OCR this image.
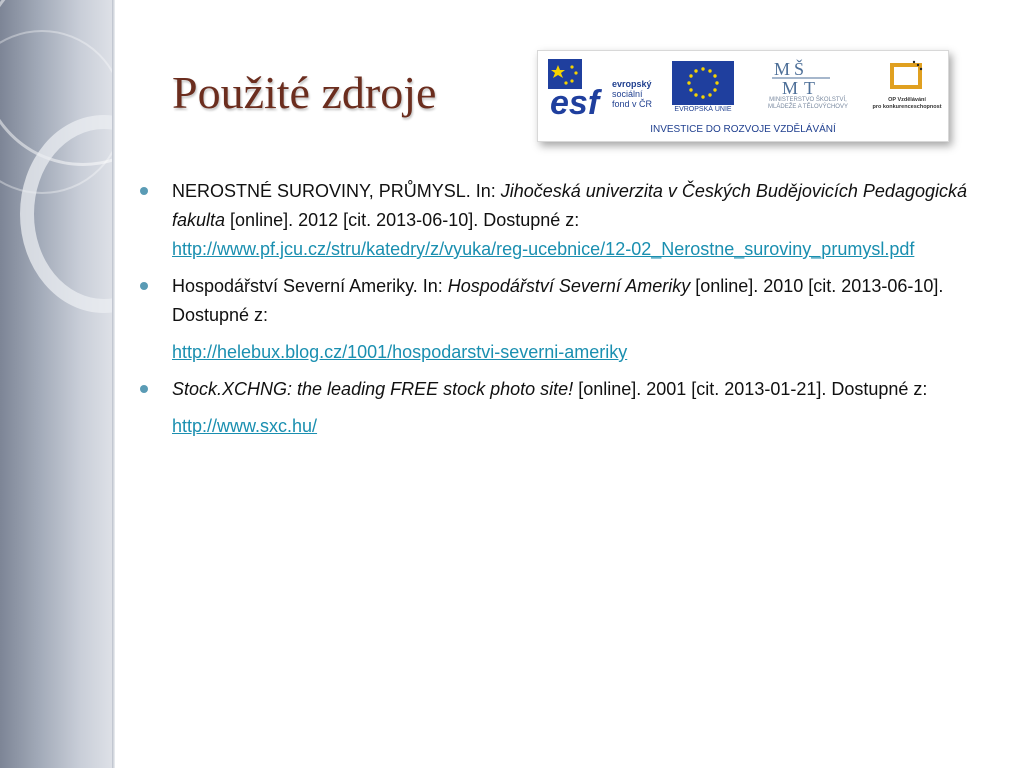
Použité zdroje	esf	evropský
sociální
fond v ČR
EVROPSKÁ UNIE
M Š
M T
MINISTERSTVO ŠKOLSTVÍ,
MLÁDEŽE A TĚLOVÝCHOVY
OP Vzdělávání
pro konkurenceschopnost
INVESTICE DO ROZVOJE VZDĚLÁVÁNÍ
NEROSTNÉ SUROVINY, PRŮMYSL. In: Jihočeská univerzita v Českých Budějovicích Pedagogická fakulta [online]. 2012 [cit. 2013-06-10]. Dostupné z:
http://www.pf.jcu.cz/stru/katedry/z/vyuka/reg-ucebnice/12-02_Nerostne_suroviny_prumysl.pdf
Hospodářství Severní Ameriky. In: Hospodářství Severní Ameriky [online]. 2010 [cit. 2013-06-10]. Dostupné z:
http://helebux.blog.cz/1001/hospodarstvi-severni-ameriky
Stock.XCHNG: the leading FREE stock photo site! [online]. 2001 [cit. 2013-01-21]. Dostupné z:
http://www.sxc.hu/
